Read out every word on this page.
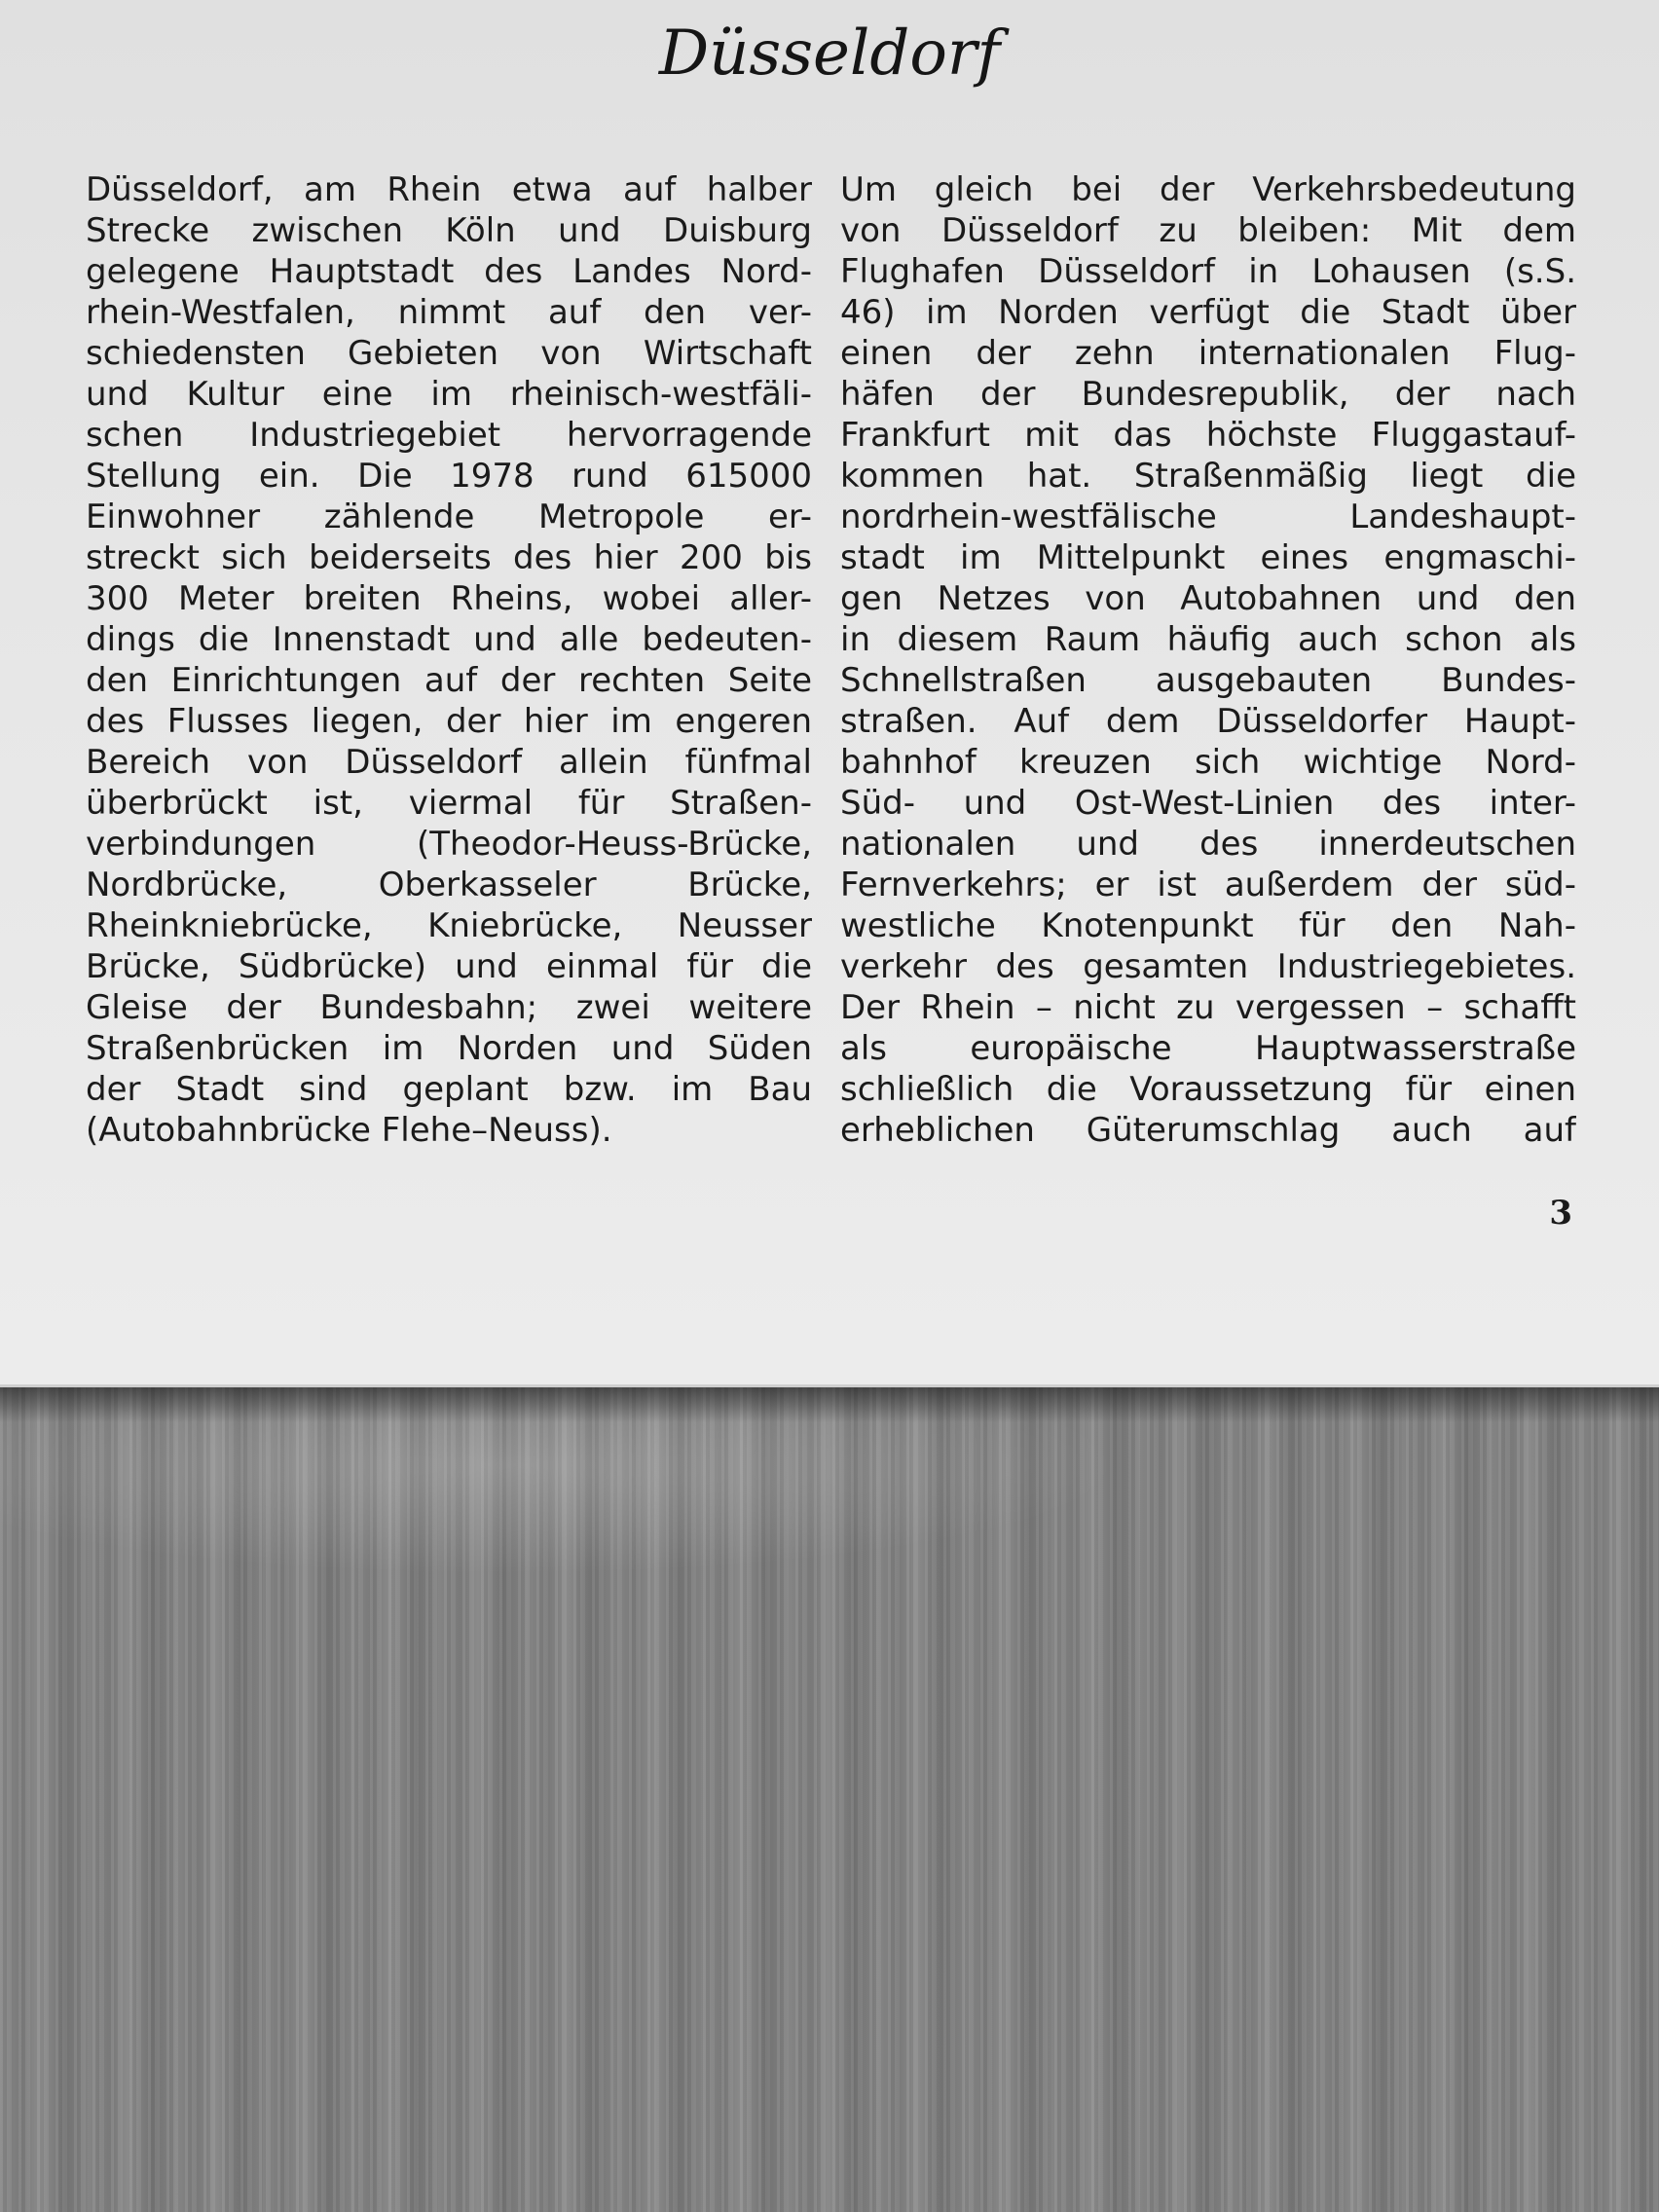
Düsseldorf
Düsseldorf, am Rhein etwa auf halber
Strecke zwischen Köln und Duisburg
gelegene Hauptstadt des Landes Nord-
rhein-Westfalen, nimmt auf den ver-
schiedensten Gebieten von Wirtschaft
und Kultur eine im rheinisch-westfäli-
schen Industriegebiet hervorragende
Stellung ein. Die 1978 rund 615000
Einwohner zählende Metropole er-
streckt sich beiderseits des hier 200 bis
300 Meter breiten Rheins, wobei aller-
dings die Innenstadt und alle bedeuten-
den Einrichtungen auf der rechten Seite
des Flusses liegen, der hier im engeren
Bereich von Düsseldorf allein fünfmal
überbrückt ist, viermal für Straßen-
verbindungen (Theodor-Heuss-Brücke,
Nordbrücke, Oberkasseler Brücke,
Rheinkniebrücke, Kniebrücke, Neusser
Brücke, Südbrücke) und einmal für die
Gleise der Bundesbahn; zwei weitere
Straßenbrücken im Norden und Süden
der Stadt sind geplant bzw. im Bau
(Autobahnbrücke Flehe–Neuss).
Um gleich bei der Verkehrsbedeutung
von Düsseldorf zu bleiben: Mit dem
Flughafen Düsseldorf in Lohausen (s.S.
46) im Norden verfügt die Stadt über
einen der zehn internationalen Flug-
häfen der Bundesrepublik, der nach
Frankfurt mit das höchste Fluggastauf-
kommen hat. Straßenmäßig liegt die
nordrhein-westfälische Landeshaupt-
stadt im Mittelpunkt eines engmaschi-
gen Netzes von Autobahnen und den
in diesem Raum häufig auch schon als
Schnellstraßen ausgebauten Bundes-
straßen. Auf dem Düsseldorfer Haupt-
bahnhof kreuzen sich wichtige Nord-
Süd- und Ost-West-Linien des inter-
nationalen und des innerdeutschen
Fernverkehrs; er ist außerdem der süd-
westliche Knotenpunkt für den Nah-
verkehr des gesamten Industriegebietes.
Der Rhein – nicht zu vergessen – schafft
als europäische Hauptwasserstraße
schließlich die Voraussetzung für einen
erheblichen Güterumschlag auch auf
3
